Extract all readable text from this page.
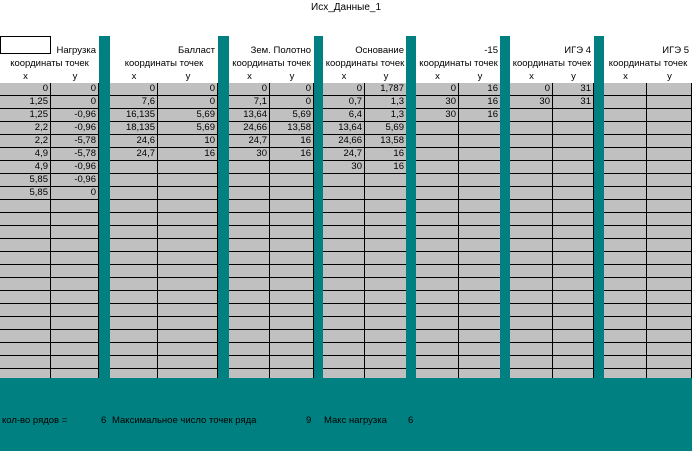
Исх_Данные_1
Нагрузка
координаты точек
x	y
0	0
1,25	0
1,25	-0,96
2,2	-0,96
2,2	-5,78
4,9	-5,78
4,9	-0,96
5,85	-0,96
5,85	0
Балласт
координаты точек
x	y
0	0
7,6	0
16,135	5,69
18,135	5,69
24,6	10
24,7	16
Зем. Полотно
координаты точек
x	y
0	0
7,1	0
13,64	5,69
24,66	13,58
24,7	16
30	16
Основание
координаты точек
x	y
0	1,787
0,7	1,3
6,4	1,3
13,64	5,69
24,66	13,58
24,7	16
30	16
-15
координаты точек
x	y
0	16
30	16
30	16
ИГЭ 4
координаты точек
x	y
0	31
30	31
ИГЭ 5
координаты точек
x	y
кол-во рядов =	6 Максимальное число точек ряда	9 Макс нагрузка 6
